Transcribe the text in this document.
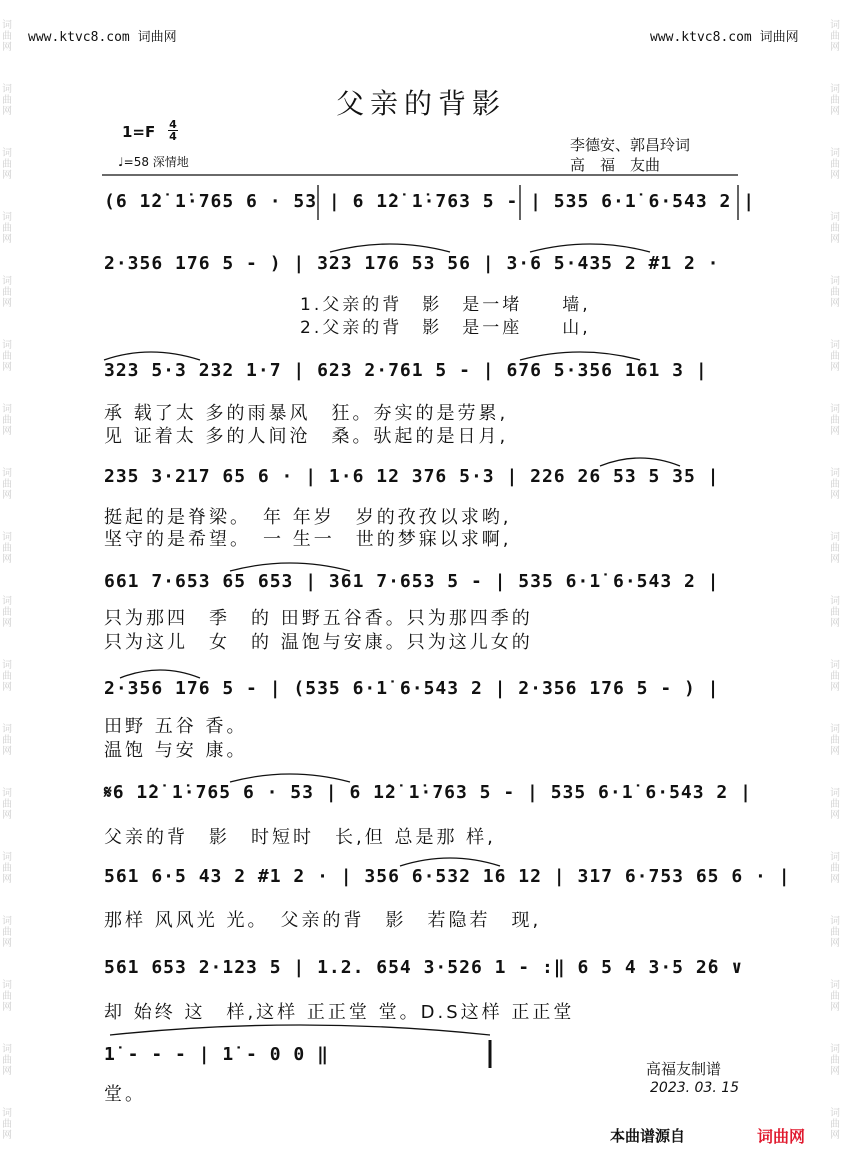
词
曲
网
词
曲
网
词
曲
网
词
曲
网
词
曲
网
词
曲
网
词
曲
网
词
曲
网
词
曲
网
词
曲
网
词
曲
网
词
曲
网
词
曲
网
词
曲
网
词
曲
网
词
曲
网
词
曲
网
词
曲
网
词
曲
网
词
曲
网
词
曲
网
词
曲
网
词
曲
网
词
曲
网
词
曲
网
词
曲
网
词
曲
网
词
曲
网
词
曲
网
词
曲
网
词
曲
网
词
曲
网
词
曲
网
词
曲
网
词
曲
网
词
曲
网
www.ktvc8.com 词曲网	www.ktvc8.com 词曲网
父亲的背影
1=F 4
4
♩=58 深情地
李德安、郭昌玲词
高　福　友曲
(6 1̇2̇ 1̇·765 6 · 53 | 6 1̇2̇ 1̇·763 5 - | 535 6·1̇ 6·543 2 |
2·356 176 5 - ) | 323 176 53 56 | 3·6 5·435 2 #1 2 ·
1.父亲的背　影　是一堵　　墙,
2.父亲的背　影　是一座　　山,
323 5·3 232 1·7 | 623 2·761 5 - | 676 5·356 161 3 |
承 载了太 多的雨暴风　狂。夯实的是劳累,
见 证着太 多的人间沧　桑。驮起的是日月,
235 3·217 65 6 · | 1·6 12 376 5·3 | 226 26 53 5 35 |
挺起的是脊梁。　年 年岁　岁的孜孜以求哟,
坚守的是希望。　一 生一　世的梦寐以求啊,
661 7·653 65 653 | 361 7·653 5 - | 535 6·1̇ 6·543 2 |
只为那四　季　的 田野五谷香。只为那四季的
只为这儿　女　的 温饱与安康。只为这儿女的
2·356 176 5 - | (535 6·1̇ 6·543 2 | 2·356 176 5 - ) |
田野 五谷 香。
温饱 与安 康。
𝄋6 1̇2̇ 1̇·765 6 · 53 | 6 1̇2̇ 1̇·763 5 - | 535 6·1̇ 6·543 2 |
父亲的背　影　时短时　长,但 总是那 样,
561 6·5 43 2 #1 2 · | 356 6·532 16 12 | 317 6·753 65 6 · |
那样 风风光 光。　父亲的背　影　若隐若　现,
561 653 2·123 5 | 1.2. 654 3·526 1 - :‖ 6 5 4 3·5 2̇6 ∨
却 始终 这　样,这样 正正堂 堂。D.S这样 正正堂
1̇ - - - | 1̇ - 0 0 ‖
堂。
高福友制谱
2023. 03. 15
本曲谱源自	词曲网
